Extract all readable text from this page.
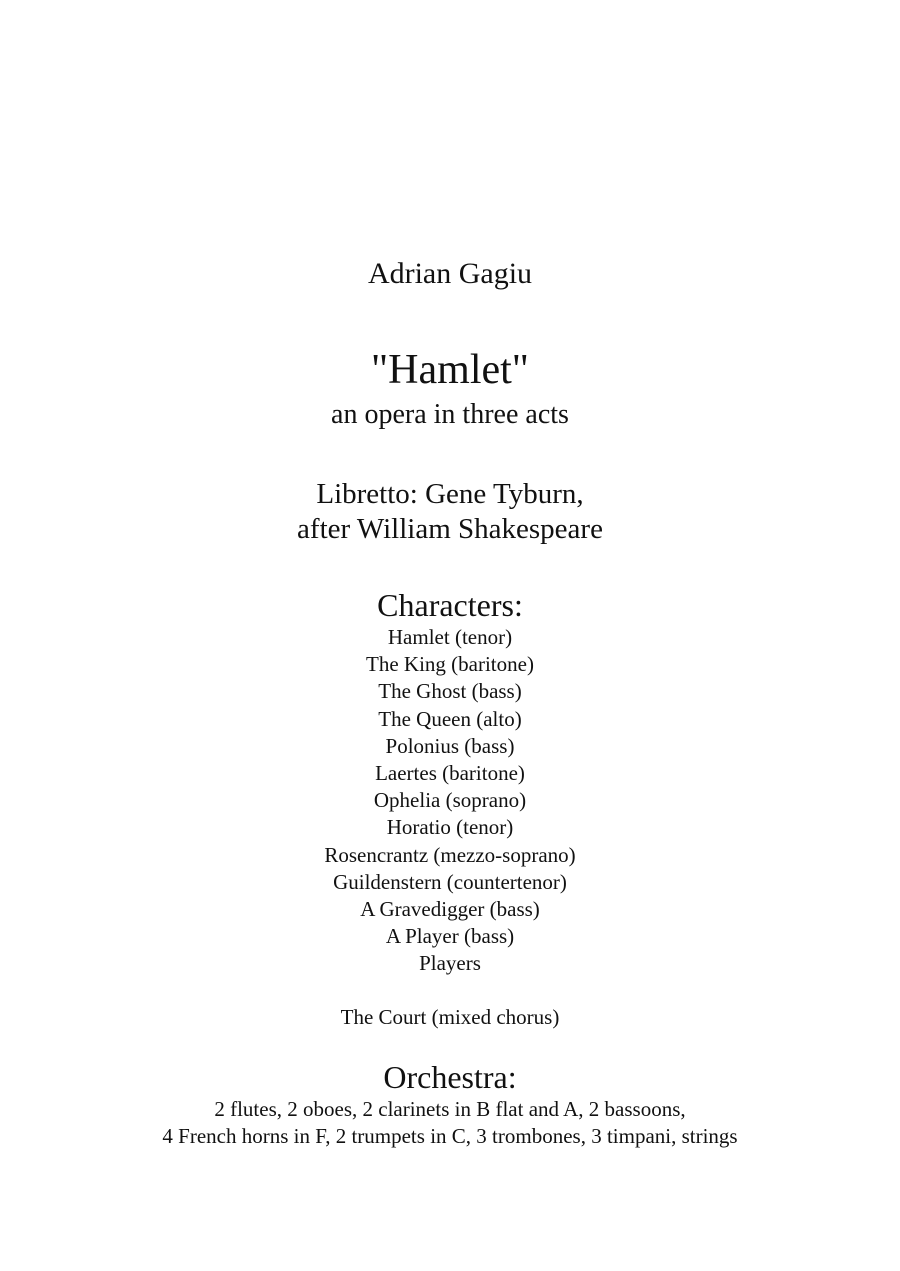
Adrian Gagiu
"Hamlet"
an opera in three acts
Libretto: Gene Tyburn,
after William Shakespeare
Characters:
Hamlet (tenor)
The King (baritone)
The Ghost (bass)
The Queen (alto)
Polonius (bass)
Laertes (baritone)
Ophelia (soprano)
Horatio (tenor)
Rosencrantz (mezzo-soprano)
Guildenstern (countertenor)
A Gravedigger (bass)
A Player (bass)
Players
The Court (mixed chorus)
Orchestra:
2 flutes, 2 oboes, 2 clarinets in B flat and A, 2 bassoons,
4 French horns in F, 2 trumpets in C, 3 trombones, 3 timpani, strings
